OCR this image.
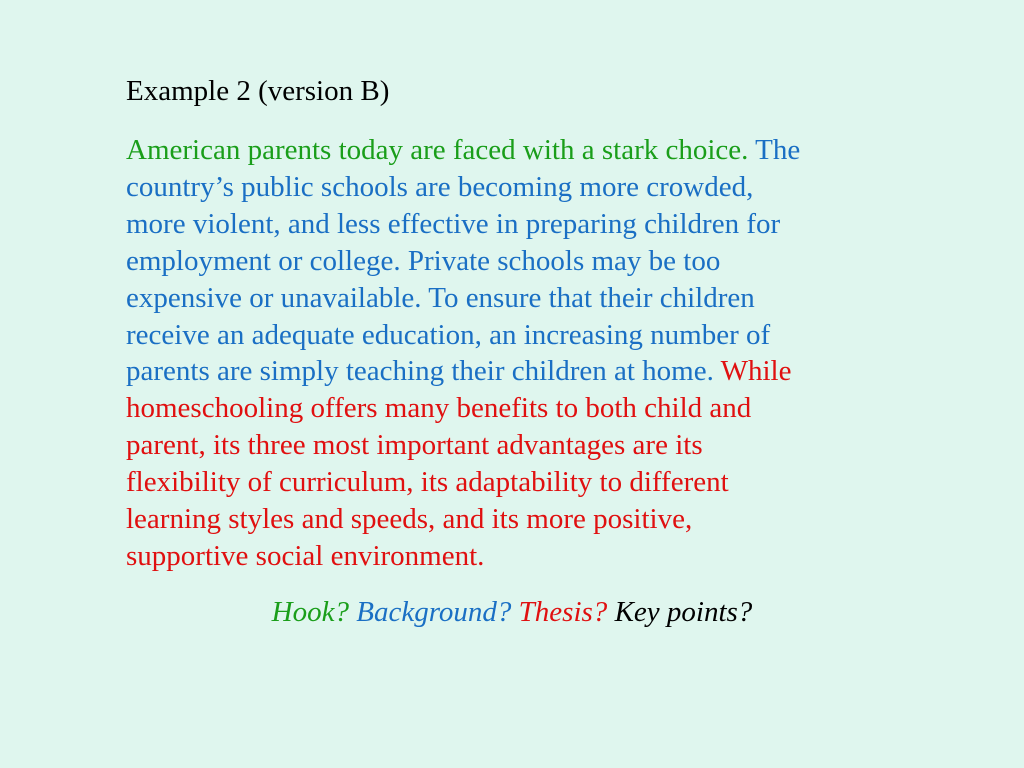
Example 2 (version B)

American parents today are faced with a stark choice. The
country’s public schools are becoming more crowded,
more violent, and less effective in preparing children for
employment or college. Private schools may be too
expensive or unavailable. To ensure that their children
receive an adequate education, an increasing number of
parents are simply teaching their children at home. While
homeschooling offers many benefits to both child and
parent, its three most important advantages are its
flexibility of curriculum, its adaptability to different
learning styles and speeds, and its more positive,
supportive social environment.

Hook? Background? Thesis? Key points?
